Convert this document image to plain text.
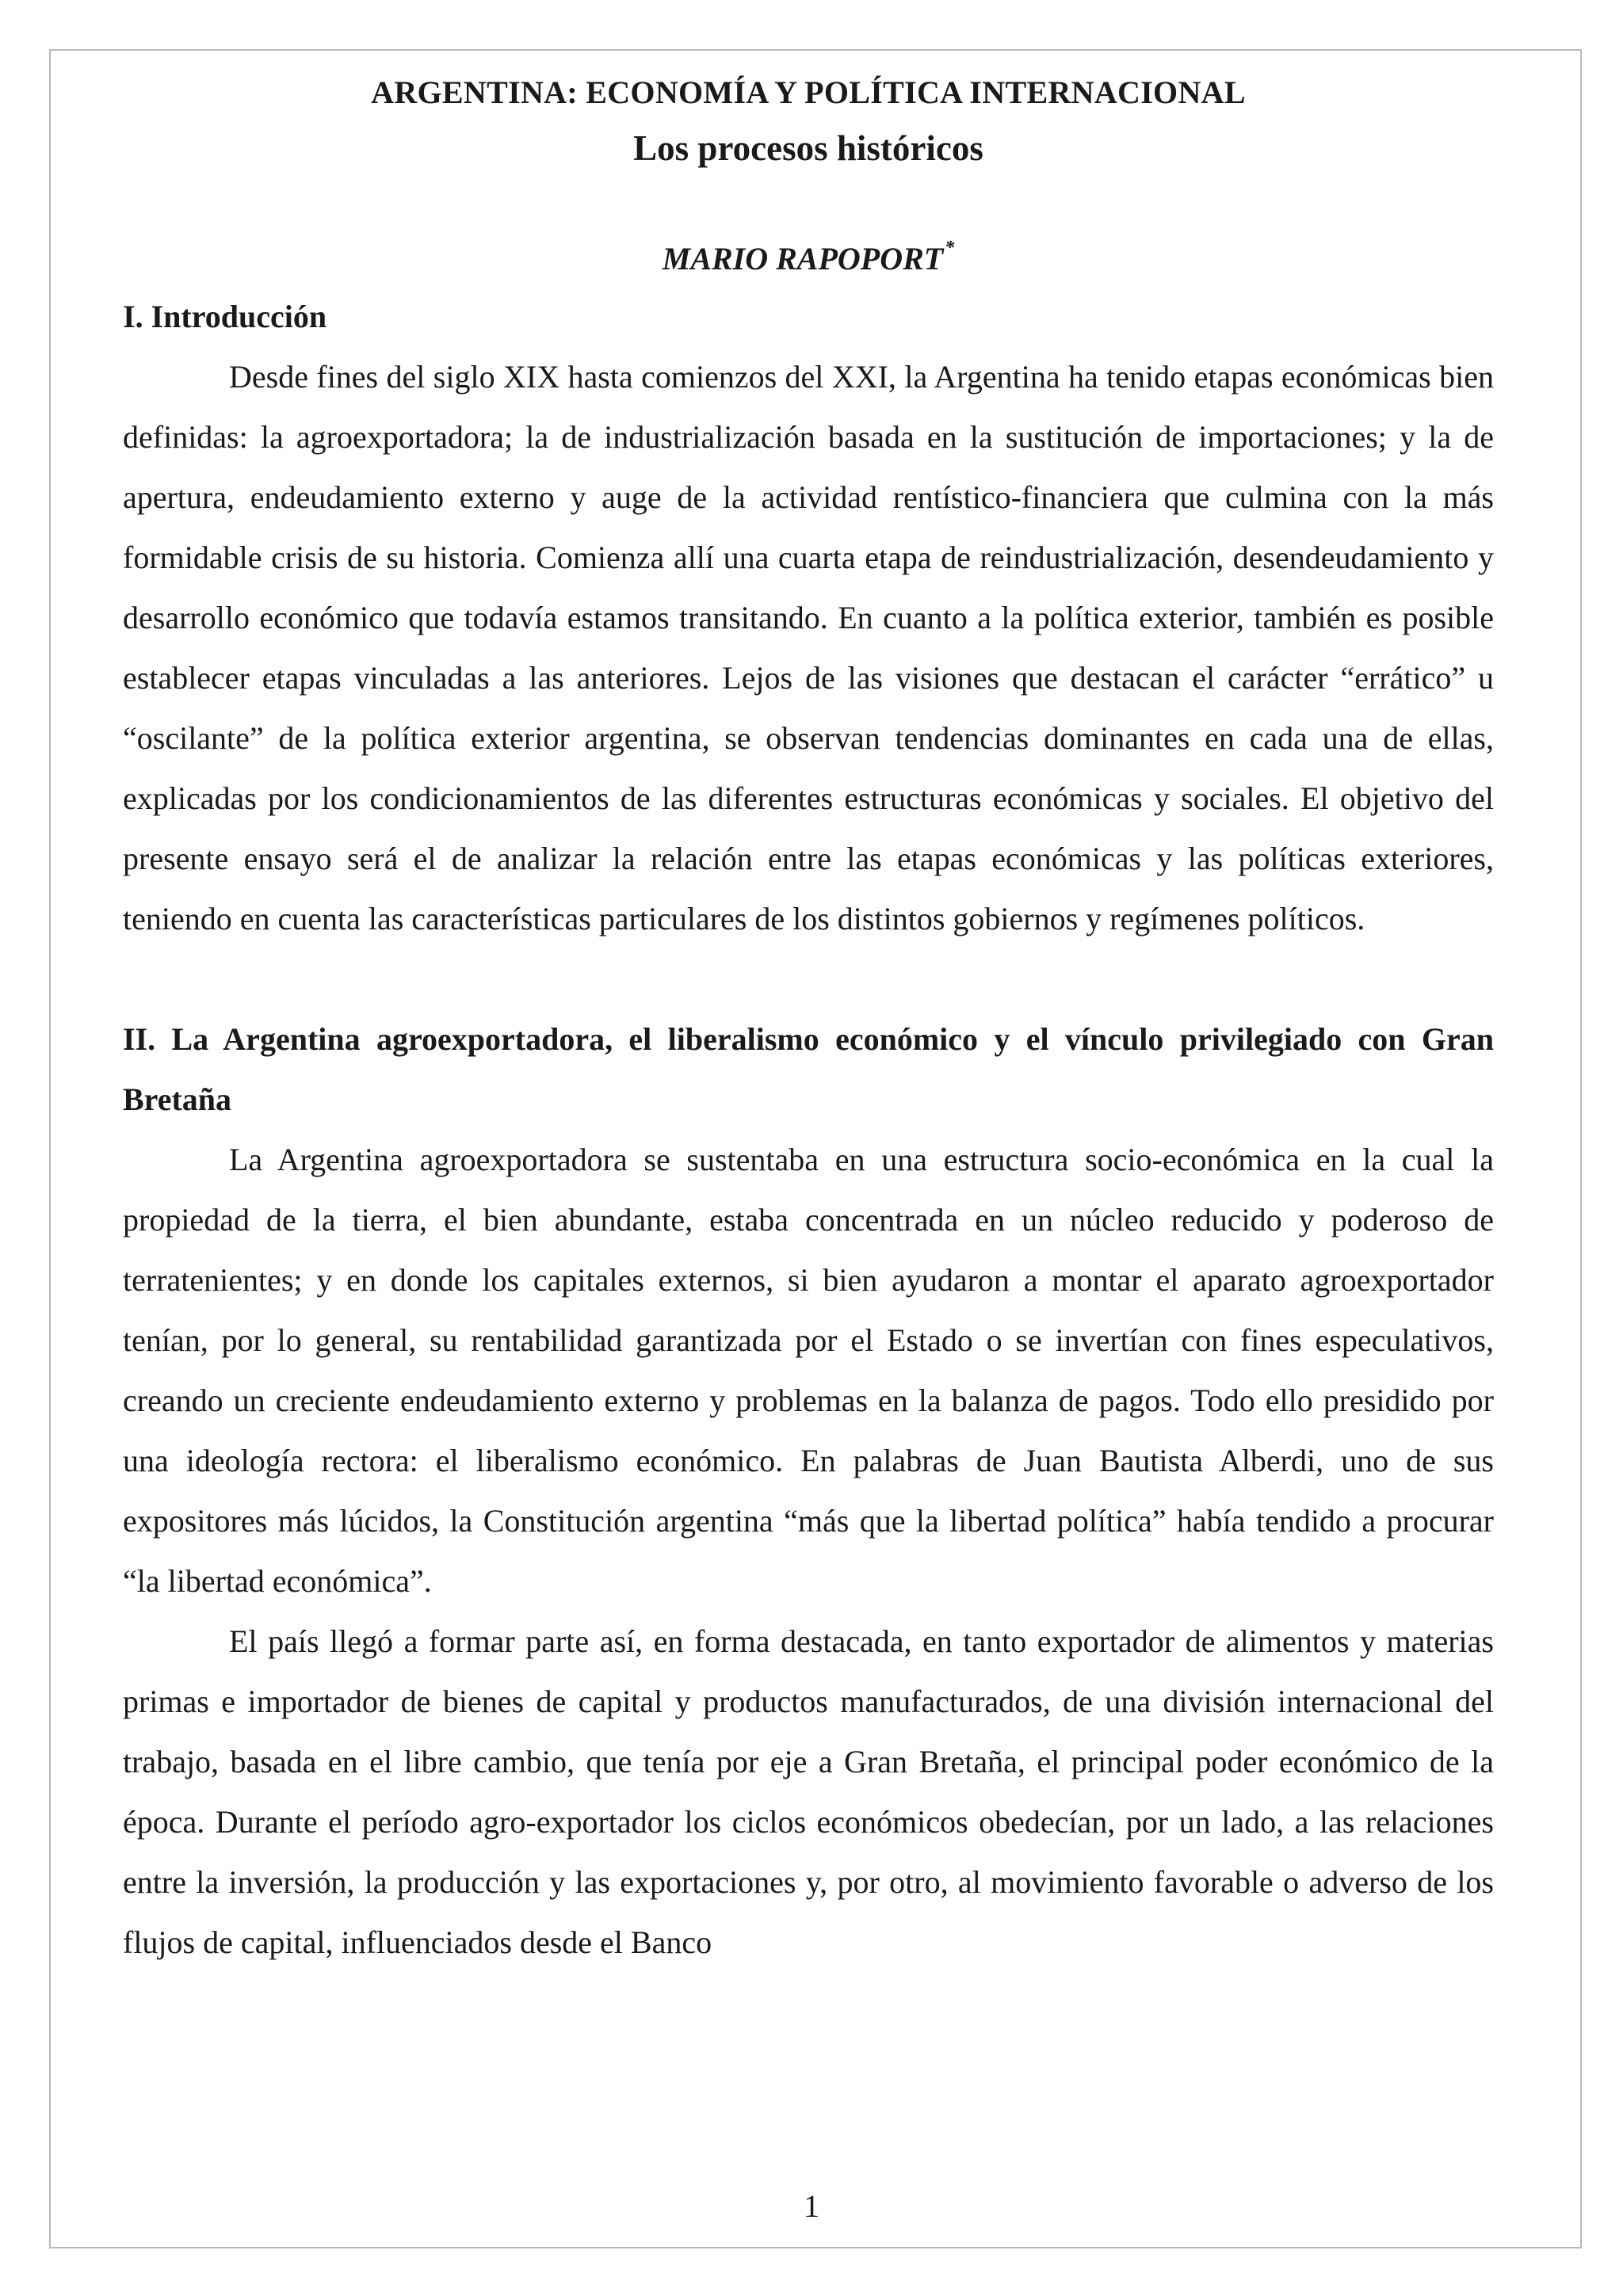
ARGENTINA: ECONOMÍA Y POLÍTICA INTERNACIONAL
Los procesos históricos

MARIO RAPOPORT*

I. Introducción

Desde fines del siglo XIX hasta comienzos del XXI, la Argentina ha tenido etapas económicas bien definidas: la agroexportadora; la de industrialización basada en la sustitución de importaciones; y la de apertura, endeudamiento externo y auge de la actividad rentístico-financiera que culmina con la más formidable crisis de su historia. Comienza allí una cuarta etapa de reindustrialización, desendeudamiento y desarrollo económico que todavía estamos transitando. En cuanto a la política exterior, también es posible establecer etapas vinculadas a las anteriores. Lejos de las visiones que destacan el carácter “errático” u “oscilante” de la política exterior argentina, se observan tendencias dominantes en cada una de ellas, explicadas por los condicionamientos de las diferentes estructuras económicas y sociales. El objetivo del presente ensayo será el de analizar la relación entre las etapas económicas y las políticas exteriores, teniendo en cuenta las características particulares de los distintos gobiernos y regímenes políticos.

II. La Argentina agroexportadora, el liberalismo económico y el vínculo privilegiado con Gran Bretaña

La Argentina agroexportadora se sustentaba en una estructura socio-económica en la cual la propiedad de la tierra, el bien abundante, estaba concentrada en un núcleo reducido y poderoso de terratenientes; y en donde los capitales externos, si bien ayudaron a montar el aparato agroexportador tenían, por lo general, su rentabilidad garantizada por el Estado o se invertían con fines especulativos, creando un creciente endeudamiento externo y problemas en la balanza de pagos. Todo ello presidido por una ideología rectora: el liberalismo económico. En palabras de Juan Bautista Alberdi, uno de sus expositores más lúcidos, la Constitución argentina “más que la libertad política” había tendido a procurar “la libertad económica”.

El país llegó a formar parte así, en forma destacada, en tanto exportador de alimentos y materias primas e importador de bienes de capital y productos manufacturados, de una división internacional del trabajo, basada en el libre cambio, que tenía por eje a Gran Bretaña, el principal poder económico de la época. Durante el período agro-exportador los ciclos económicos obedecían, por un lado, a las relaciones entre la inversión, la producción y las exportaciones y, por otro, al movimiento favorable o adverso de los flujos de capital, influenciados desde el Banco

1
